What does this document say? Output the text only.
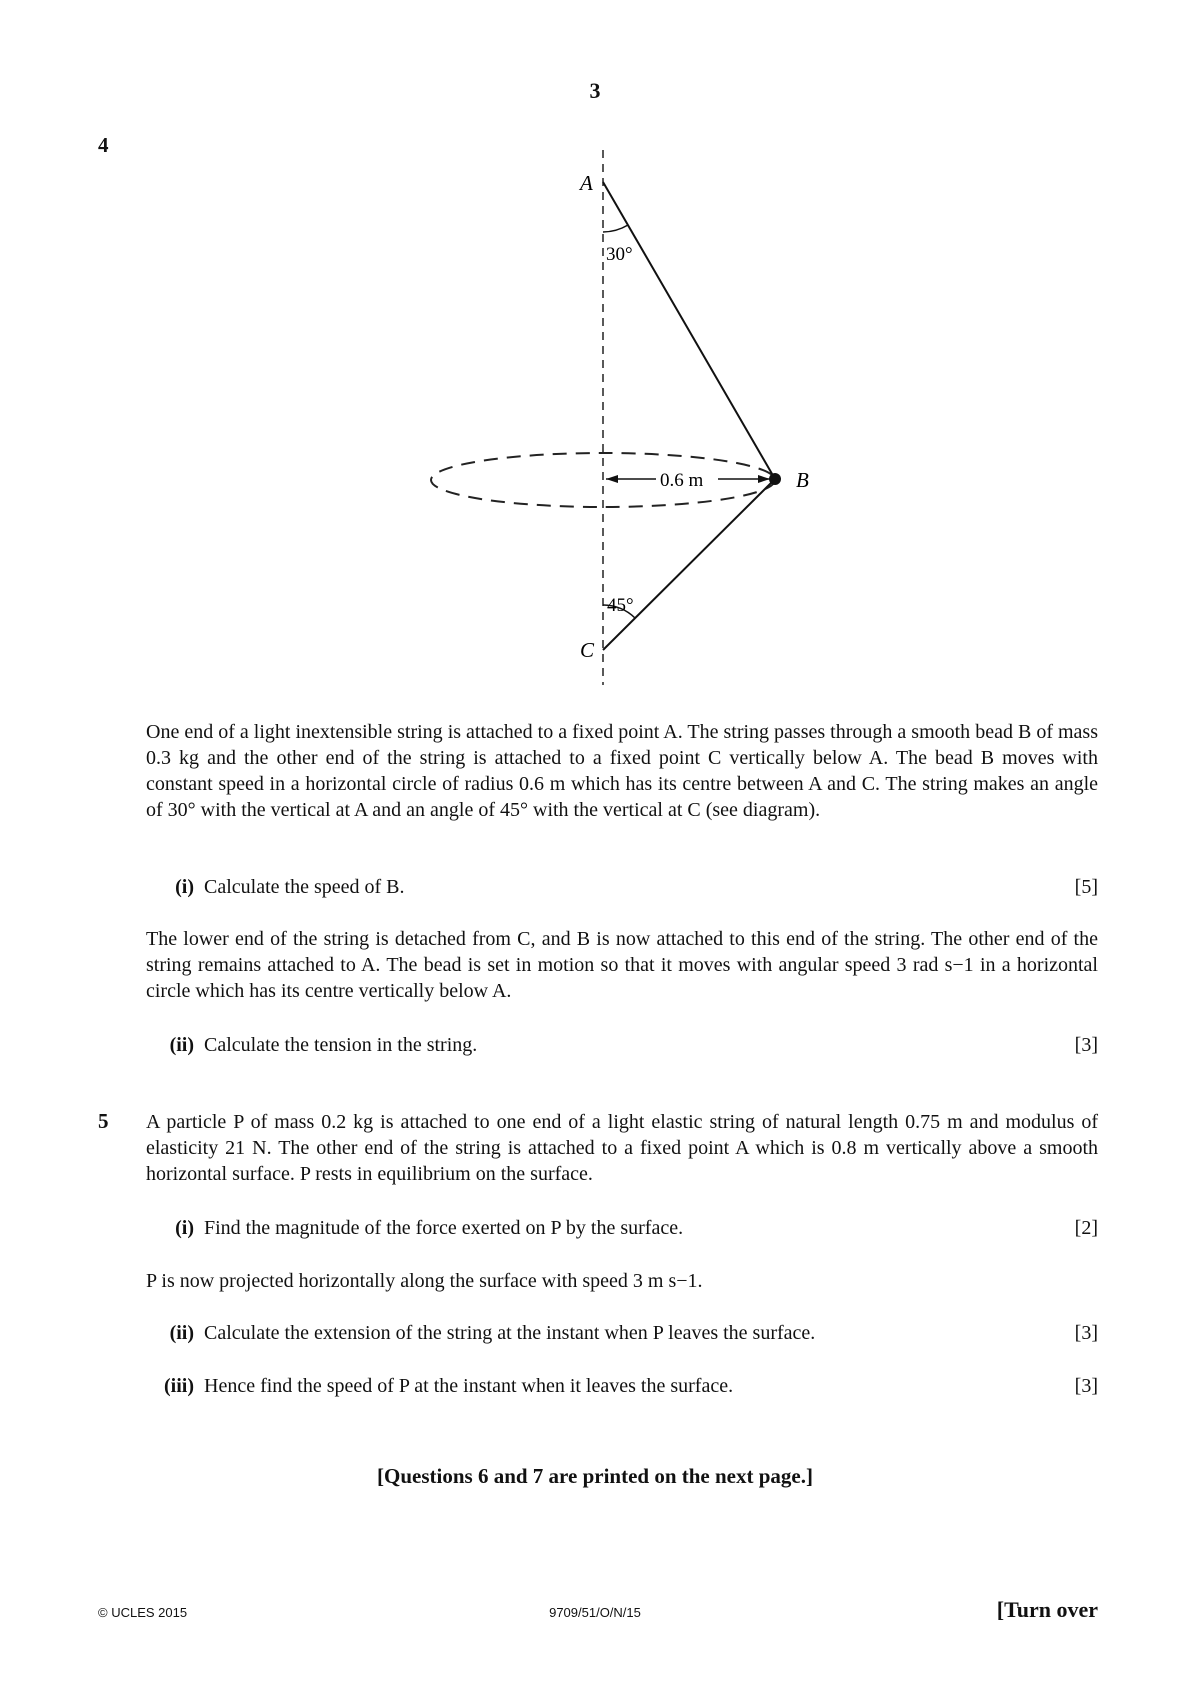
3
4
A
30°
0.6 m	B
45°
C
One end of a light inextensible string is attached to a fixed point A. The string passes through a smooth bead B of mass 0.3 kg and the other end of the string is attached to a fixed point C vertically below A. The bead B moves with constant speed in a horizontal circle of radius 0.6 m which has its centre between A and C. The string makes an angle of 30° with the vertical at A and an angle of 45° with the vertical at C (see diagram).
(i) Calculate the speed of B.	[5]
The lower end of the string is detached from C, and B is now attached to this end of the string. The other end of the string remains attached to A. The bead is set in motion so that it moves with angular speed 3 rad s−1 in a horizontal circle which has its centre vertically below A.
(ii) Calculate the tension in the string.	[3]
5 A particle P of mass 0.2 kg is attached to one end of a light elastic string of natural length 0.75 m and modulus of elasticity 21 N. The other end of the string is attached to a fixed point A which is 0.8 m vertically above a smooth horizontal surface. P rests in equilibrium on the surface.
(i) Find the magnitude of the force exerted on P by the surface.	[2]
P is now projected horizontally along the surface with speed 3 m s−1.
(ii) Calculate the extension of the string at the instant when P leaves the surface.	[3]
(iii) Hence find the speed of P at the instant when it leaves the surface.	[3]
[Questions 6 and 7 are printed on the next page.]
© UCLES 2015	9709/51/O/N/15	[Turn over
